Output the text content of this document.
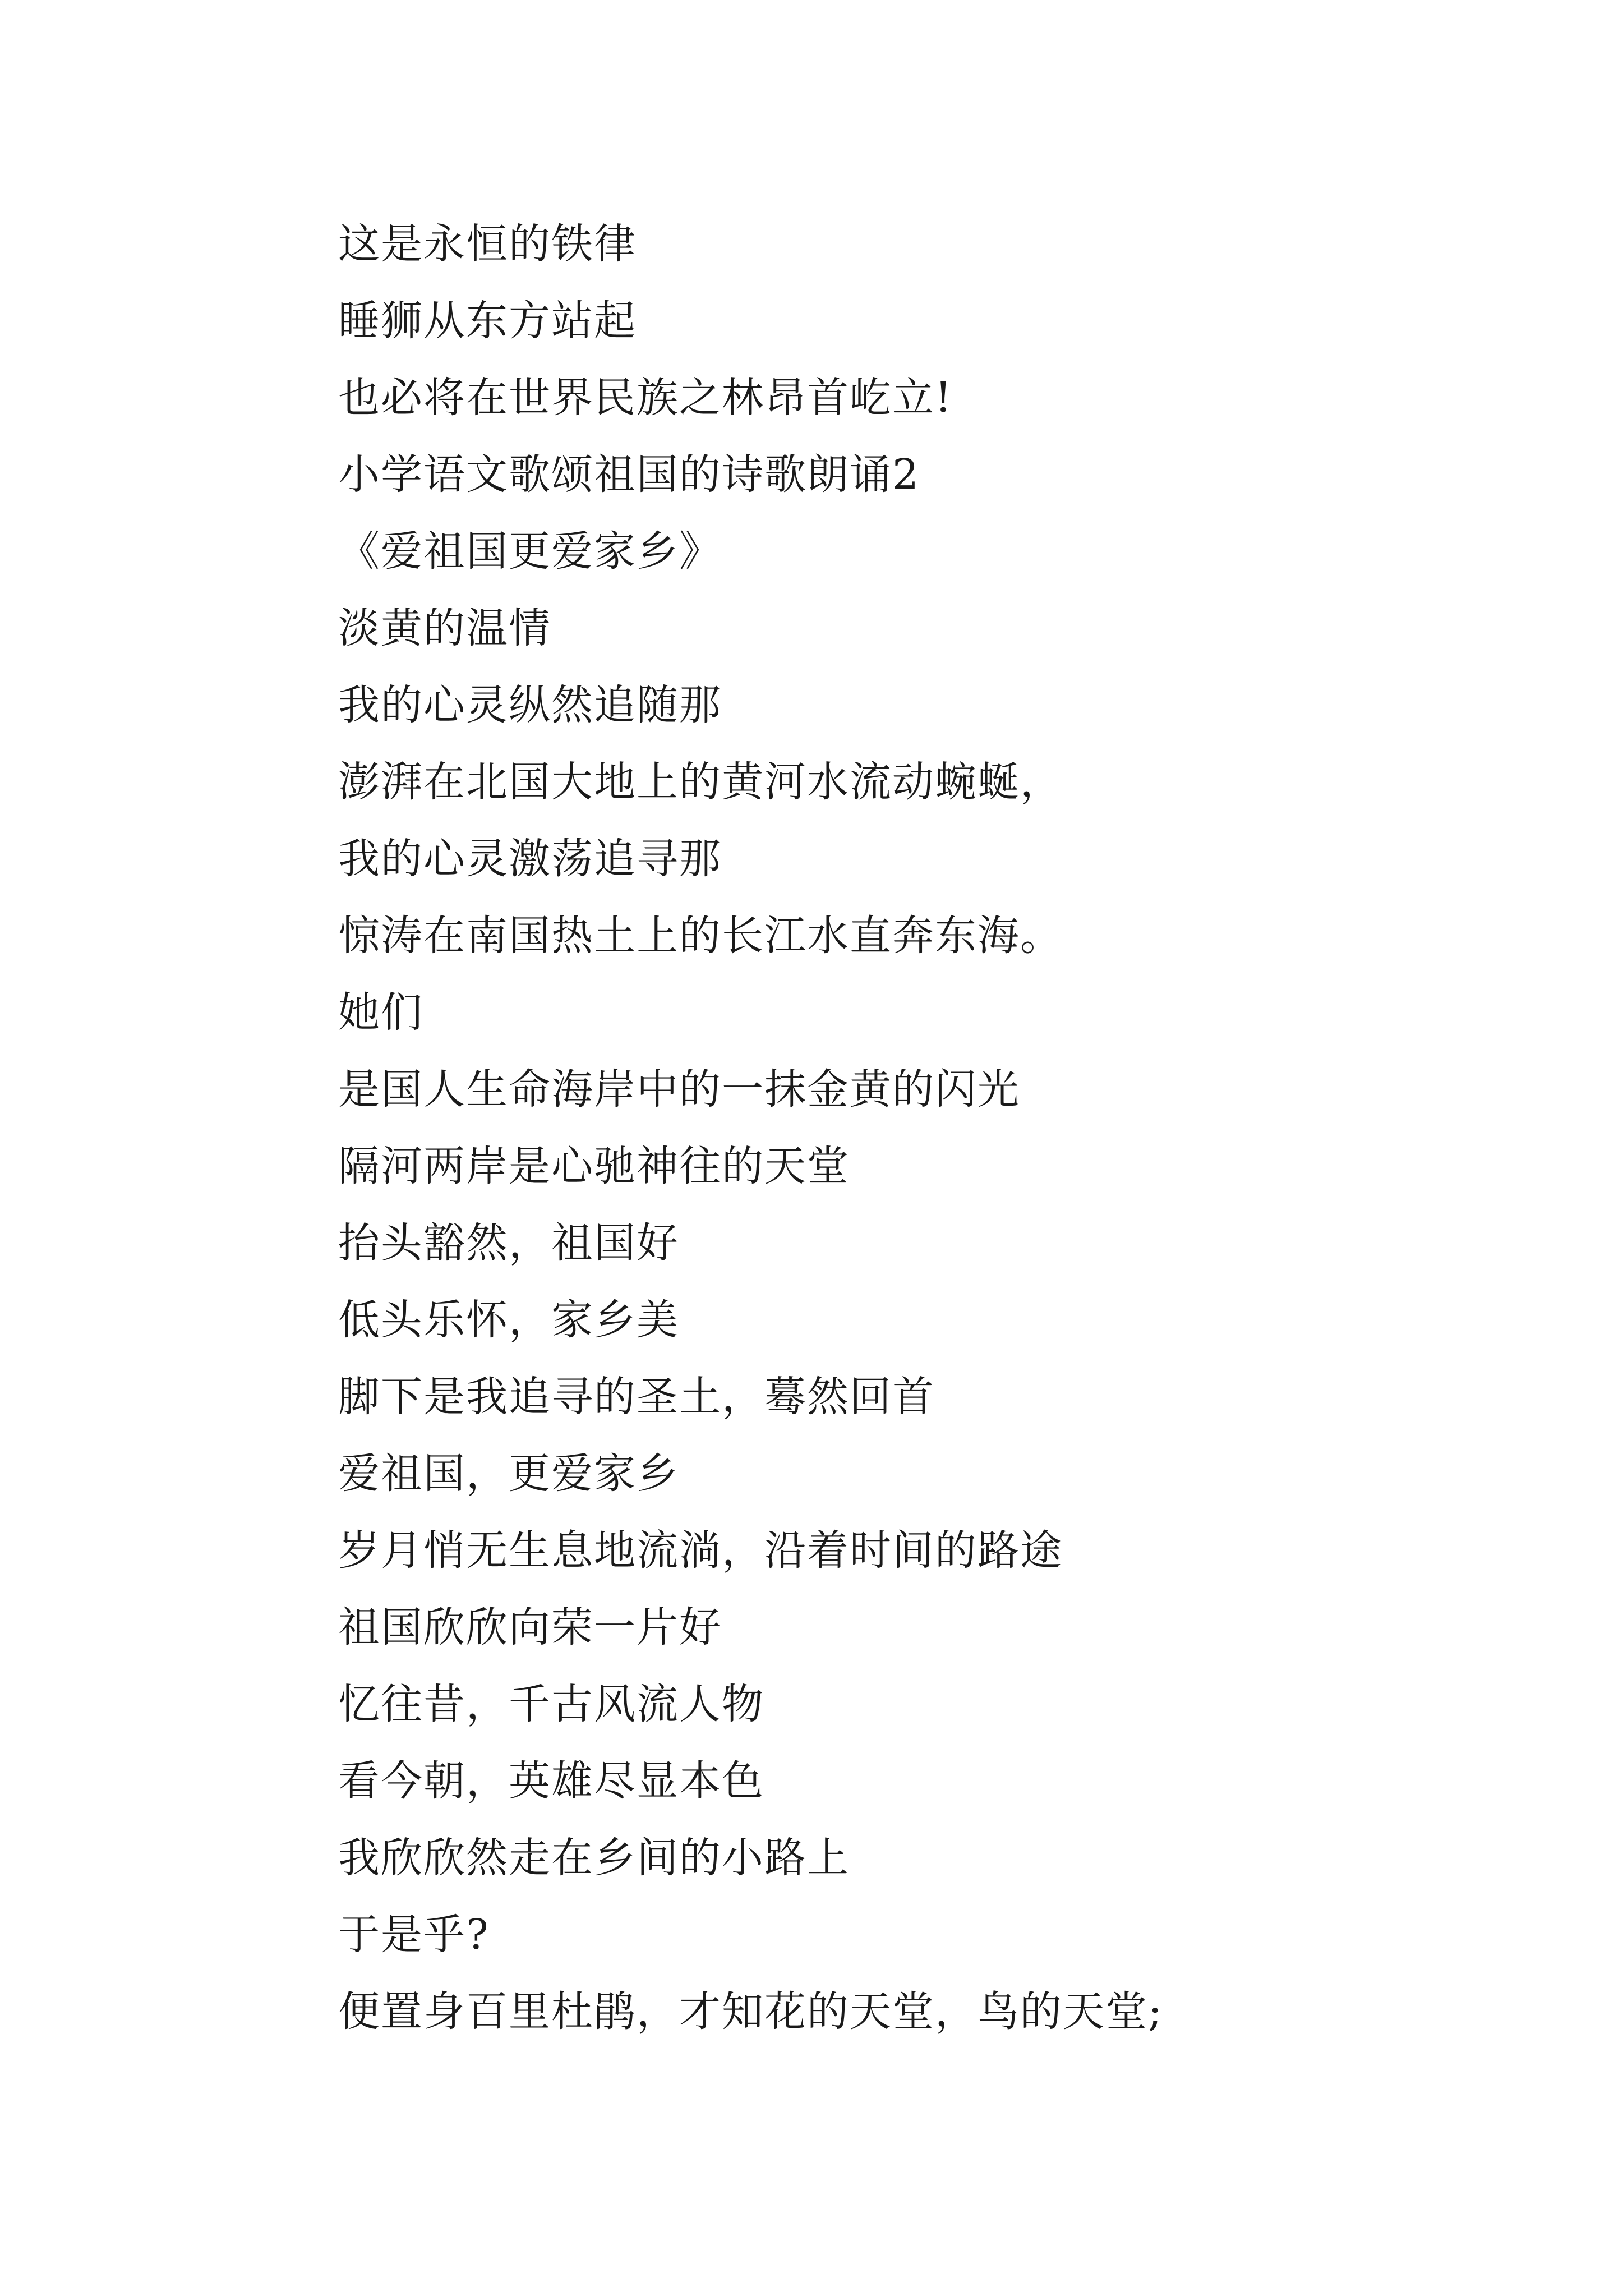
这是永恒的铁律
睡狮从东方站起
也必将在世界民族之林昂首屹立!
小学语文歌颂祖国的诗歌朗诵2
《爱祖国更爱家乡》
淡黄的温情
我的心灵纵然追随那
澎湃在北国大地上的黄河水流动蜿蜒，
我的心灵激荡追寻那
惊涛在南国热土上的长江水直奔东海。
她们
是国人生命海岸中的一抹金黄的闪光
隔河两岸是心驰神往的天堂
抬头豁然，祖国好
低头乐怀，家乡美
脚下是我追寻的圣土，蓦然回首
爱祖国，更爱家乡
岁月悄无生息地流淌，沿着时间的路途
祖国欣欣向荣一片好
忆往昔，千古风流人物
看今朝，英雄尽显本色
我欣欣然走在乡间的小路上
于是乎?
便置身百里杜鹃，才知花的天堂，鸟的天堂;
